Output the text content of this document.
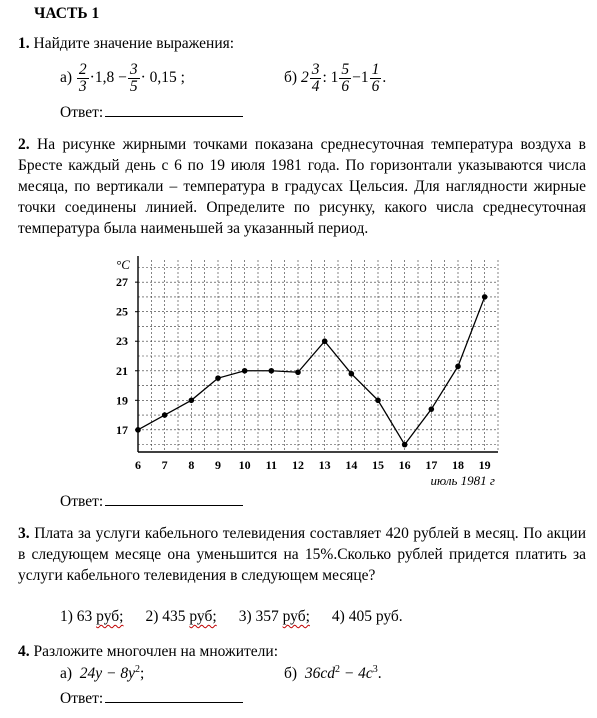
ЧАСТЬ 1
1. Найдите значение выражения:
а)
$\frac{2}{3} \cdot 1,8 - \frac{3}{5} \cdot 0,15$ ;	б)
$2 \frac{3}{4}$ : $1 \frac{5}{6} -1 \frac{1}{6}$ .
Ответ:
2. На рисунке жирными точками показана среднесуточная температура воздуха в Бресте каждый день с 6 по 19 июля 1981 года. По горизонтали указываются числа месяца, по вертикали – температура в градусах Цельсия. Для наглядности жирные точки соединены линией. Определите по рисунку, какого числа среднесуточная температура была наименьшей за указанный период.
17
19
21
23
25
27
6 7 8 9 10 11 12 13 14 15 16 17 18 19
°C
июль 1981 г
Ответ:
3. Плата за услуги кабельного телевидения составляет 420 рублей в месяц. По акции в следующем месяце она уменьшится на 15%.Сколько рублей придется платить за услуги кабельного телевидения в следующем месяце?
1) 63 руб; 2) 435 руб; 3) 357 руб; 4) 405 руб.
4. Разложите многочлен на множители:
а) $24y - 8y^2$;	б) $36cd^2 - 4c^3$.
Ответ:
